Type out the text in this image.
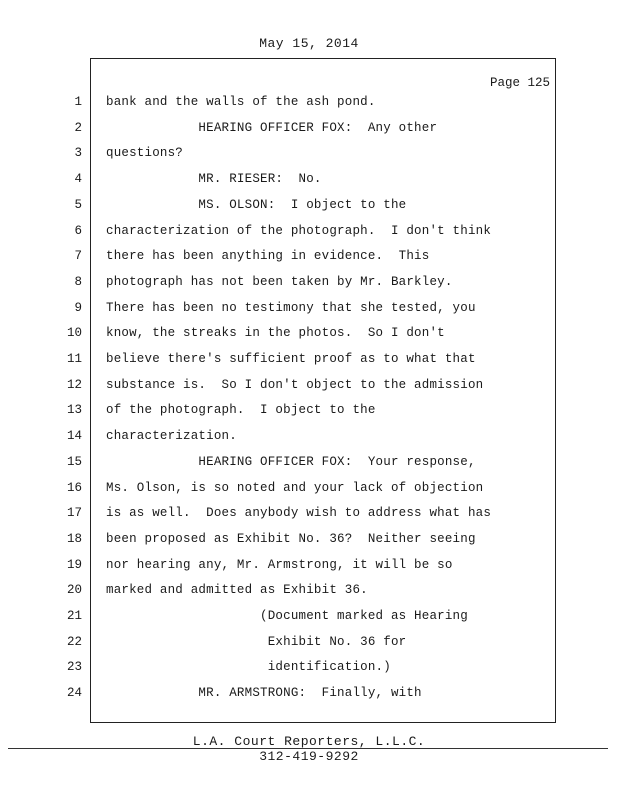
May 15, 2014
Page 125
1 bank and the walls of the ash pond.
2 HEARING OFFICER FOX:  Any other
3 questions?
4 MR. RIESER:  No.
5 MS. OLSON:  I object to the
6 characterization of the photograph.  I don't think
7 there has been anything in evidence.  This
8 photograph has not been taken by Mr. Barkley.
9 There has been no testimony that she tested, you
10 know, the streaks in the photos.  So I don't
11 believe there's sufficient proof as to what that
12 substance is.  So I don't object to the admission
13 of the photograph.  I object to the
14 characterization.
15 HEARING OFFICER FOX:  Your response,
16 Ms. Olson, is so noted and your lack of objection
17 is as well.  Does anybody wish to address what has
18 been proposed as Exhibit No. 36?  Neither seeing
19 nor hearing any, Mr. Armstrong, it will be so
20 marked and admitted as Exhibit 36.
21 (Document marked as Hearing
22 Exhibit No. 36 for
23 identification.)
24 MR. ARMSTRONG:  Finally, with
L.A. Court Reporters, L.L.C.
312-419-9292
